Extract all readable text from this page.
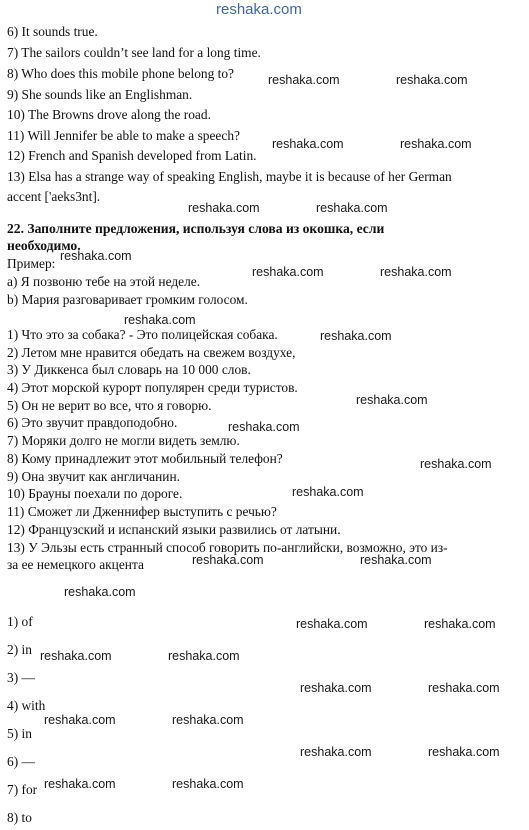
reshaka.com
6) It sounds true.
7) The sailors couldn’t see land for a long time.
8) Who does this mobile phone belong to?
9) She sounds like an Englishman.
10) The Browns drove along the road.
11) Will Jennifer be able to make a speech?
12) French and Spanish developed from Latin.
13) Elsa has a strange way of speaking English, maybe it is because of her German
accent ['aeks3nt].
22. Заполните предложения, используя слова из окошка, если
необходимо.
Пример:
a) Я позвоню тебе на этой неделе.
b) Мария разговаривает громким голосом.
1) Что это за собака? - Это полицейская собака.
2) Летом мне нравится обедать на свежем воздухе,
3) У Диккенса был словарь на 10 000 слов.
4) Этот морской курорт популярен среди туристов.
5) Он не верит во все, что я говорю.
6) Это звучит правдоподобно.
7) Моряки долго не могли видеть землю.
8) Кому принадлежит этот мобильный телефон?
9) Она звучит как англичанин.
10) Брауны поехали по дороге.
11) Сможет ли Дженнифер выступить с речью?
12) Французский и испанский языки развились от латыни.
13) У Эльзы есть странный способ говорить по-английски, возможно, это из-
за ее немецкого акцента
1) of
2) in
3) —
4) with
5) in
6) —
7) for
8) to
reshaka.com	reshaka.com
reshaka.com	reshaka.com
reshaka.com	reshaka.com
reshaka.com
reshaka.com	reshaka.com
reshaka.com
reshaka.com
reshaka.com
reshaka.com
reshaka.com
reshaka.com
reshaka.com	reshaka.com
reshaka.com
reshaka.com	reshaka.com
reshaka.com	reshaka.com
reshaka.com	reshaka.com
reshaka.com	reshaka.com
reshaka.com	reshaka.com
reshaka.com	reshaka.com
